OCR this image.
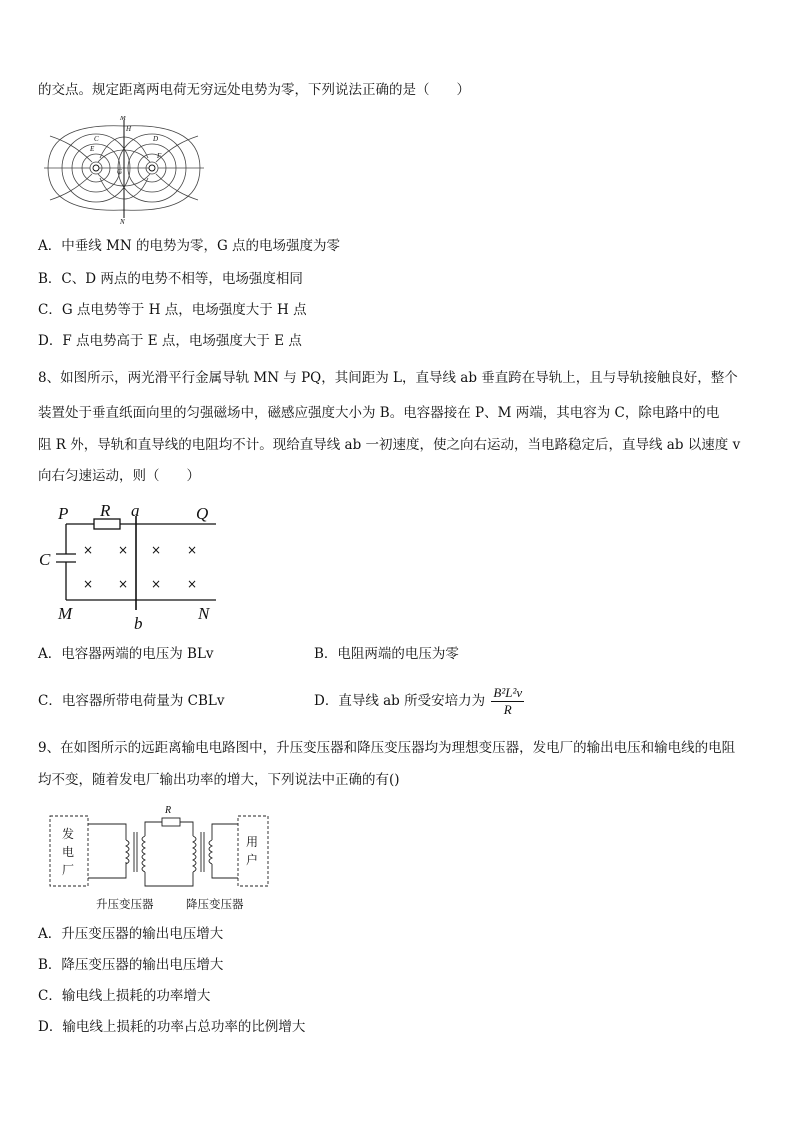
的交点。规定距离两电荷无穷远处电势为零，下列说法正确的是（　　）
M
H
C	D
E
F
G
N
A．中垂线 MN 的电势为零，G 点的电场强度为零
B．C、D 两点的电势不相等，电场强度相同
C．G 点电势等于 H 点，电场强度大于 H 点
D．F 点电势高于 E 点，电场强度大于 E 点
8、如图所示，两光滑平行金属导轨 MN 与 PQ，其间距为 L，直导线 ab 垂直跨在导轨上，且与导轨接触良好，整个
装置处于垂直纸面向里的匀强磁场中，磁感应强度大小为 B。电容器接在 P、M 两端，其电容为 C，除电路中的电
阻 R 外，导轨和直导线的电阻均不计。现给直导线 ab 一初速度，使之向右运动，当电路稳定后，直导线 ab 以速度 v
向右匀速运动，则（　　）
P R a	Q
C
M	N
b
× × × ×
× × × ×
A．电容器两端的电压为 BLv	B．电阻两端的电压为零
C．电容器所带电荷量为 CBLv	D．直导线 ab 所受安培力为 $\frac{\text{B²L²v}}{R}$
9、在如图所示的远距离输电电路图中，升压变压器和降压变压器均为理想变压器，发电厂的输出电压和输电线的电阻
均不变，随着发电厂输出功率的增大，下列说法中正确的有()
R
发
电
厂
用
户
升压变压器	降压变压器
A．升压变压器的输出电压增大
B．降压变压器的输出电压增大
C．输电线上损耗的功率增大
D．输电线上损耗的功率占总功率的比例增大
